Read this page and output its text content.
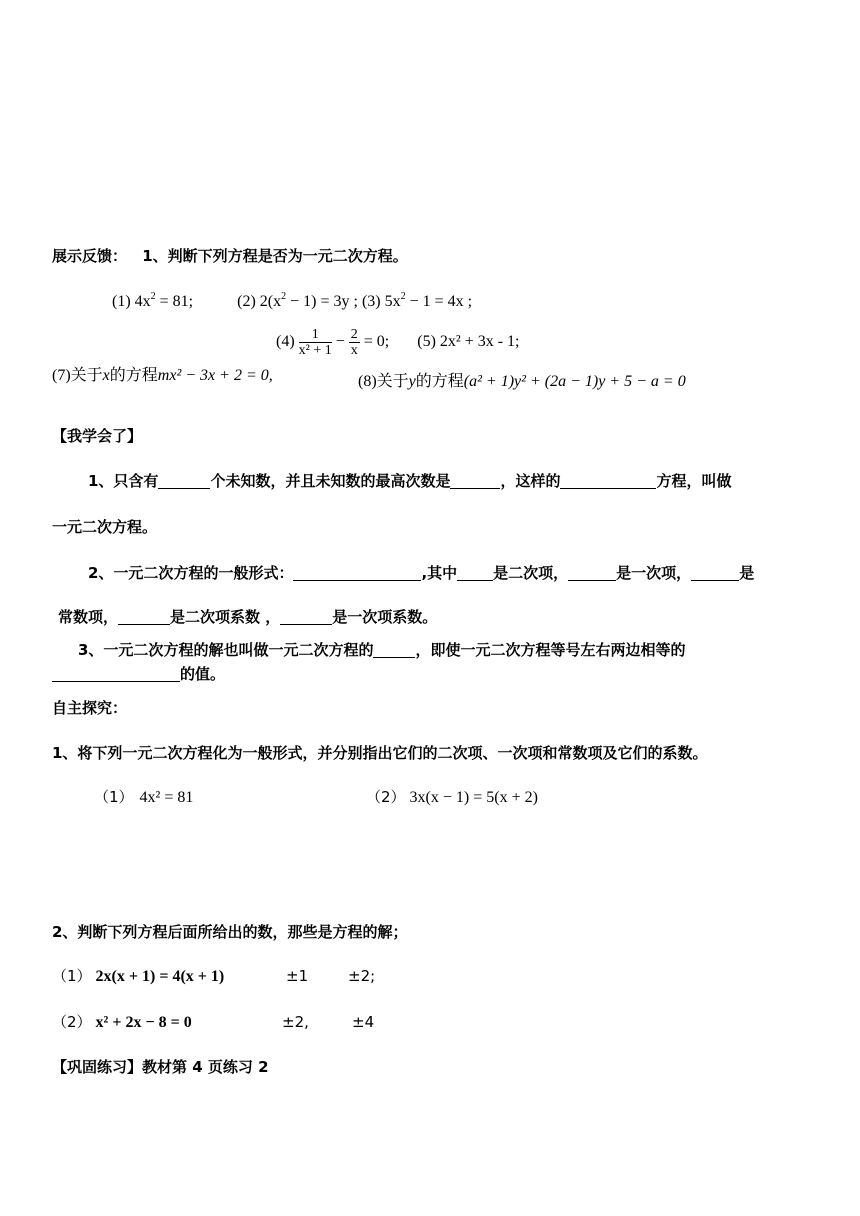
展示反馈： 1、判断下列方程是否为一元二次方程。
(1) $4x^2 = 81$;	(2) $2(x^2 - 1) = 3y$ ; (3) $5x^2 - 1 = 4x$ ;
$(4) \frac{1}{\text{x² + 1}} - \frac{2}{x} = 0$; (5) 2x² + 3x - 1;
(7)关于x的方程mx² − 3x + 2 = 0,	(8)关于y的方程(a² + 1)y² + (2a − 1)y + 5 − a = 0
【我学会了】
1、只含有	个未知数，并且未知数的最高次数是	，这样的	方程，叫做
一元二次方程。
2、一元二次方程的一般形式：	,其中 是二次项，	是一次项，	是
常数项，	是二次项系数 ，	是一次项系数。
3、一元二次方程的解也叫做一元二次方程的	，即使一元二次方程等号左右两边相等的
的值。
自主探究：
1、将下列一元二次方程化为一般形式，并分别指出它们的二次项、一次项和常数项及它们的系数。
（1） 4x² = 81	（2） 3x(x − 1) = 5(x + 2)
2、判断下列方程后面所给出的数，那些是方程的解；
（1） 2x(x + 1) = 4(x + 1)	±1	±2;
（2） x² + 2x − 8 = 0	±2,	±4
【巩固练习】教材第 4 页练习 2
